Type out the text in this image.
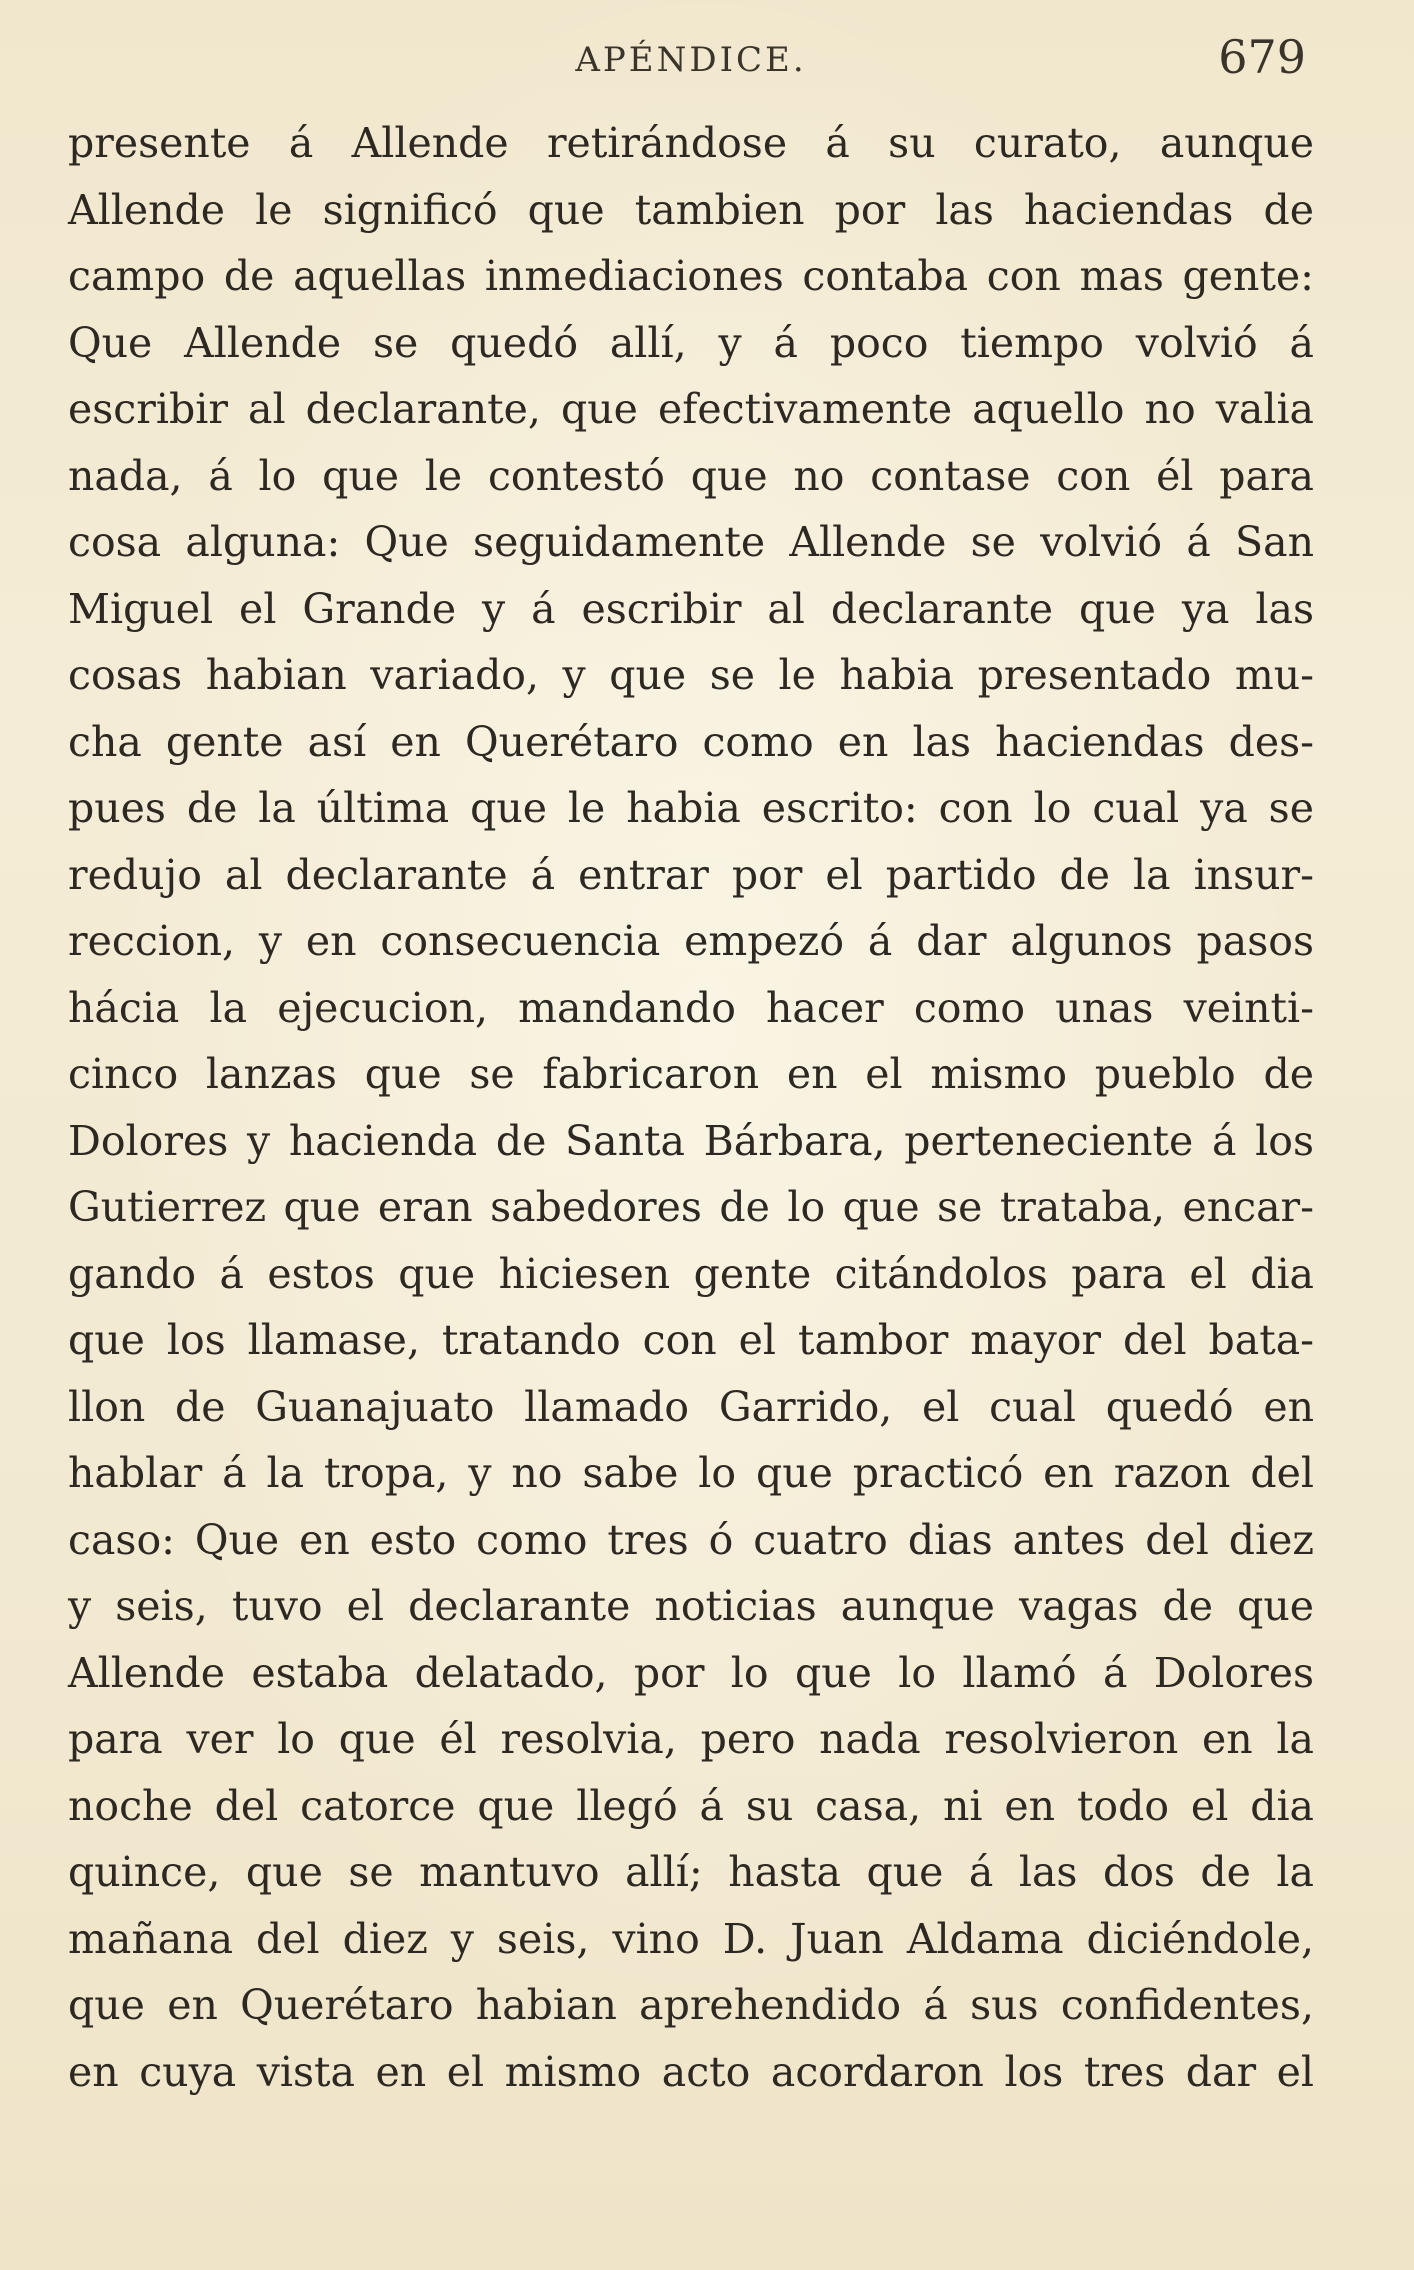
APÉNDICE.	679
presente á Allende retirándose á su curato, aunque
Allende le significó que tambien por las haciendas de
campo de aquellas inmediaciones contaba con mas gente:
Que Allende se quedó allí, y á poco tiempo volvió á
escribir al declarante, que efectivamente aquello no valia
nada, á lo que le contestó que no contase con él para
cosa alguna: Que seguidamente Allende se volvió á San
Miguel el Grande y á escribir al declarante que ya las
cosas habian variado, y que se le habia presentado mu-
cha gente así en Querétaro como en las haciendas des-
pues de la última que le habia escrito: con lo cual ya se
redujo al declarante á entrar por el partido de la insur-
reccion, y en consecuencia empezó á dar algunos pasos
hácia la ejecucion, mandando hacer como unas veinti-
cinco lanzas que se fabricaron en el mismo pueblo de
Dolores y hacienda de Santa Bárbara, perteneciente á los
Gutierrez que eran sabedores de lo que se trataba, encar-
gando á estos que hiciesen gente citándolos para el dia
que los llamase, tratando con el tambor mayor del bata-
llon de Guanajuato llamado Garrido, el cual quedó en
hablar á la tropa, y no sabe lo que practicó en razon del
caso: Que en esto como tres ó cuatro dias antes del diez
y seis, tuvo el declarante noticias aunque vagas de que
Allende estaba delatado, por lo que lo llamó á Dolores
para ver lo que él resolvia, pero nada resolvieron en la
noche del catorce que llegó á su casa, ni en todo el dia
quince, que se mantuvo allí; hasta que á las dos de la
mañana del diez y seis, vino D. Juan Aldama diciéndole,
que en Querétaro habian aprehendido á sus confidentes,
en cuya vista en el mismo acto acordaron los tres dar el
